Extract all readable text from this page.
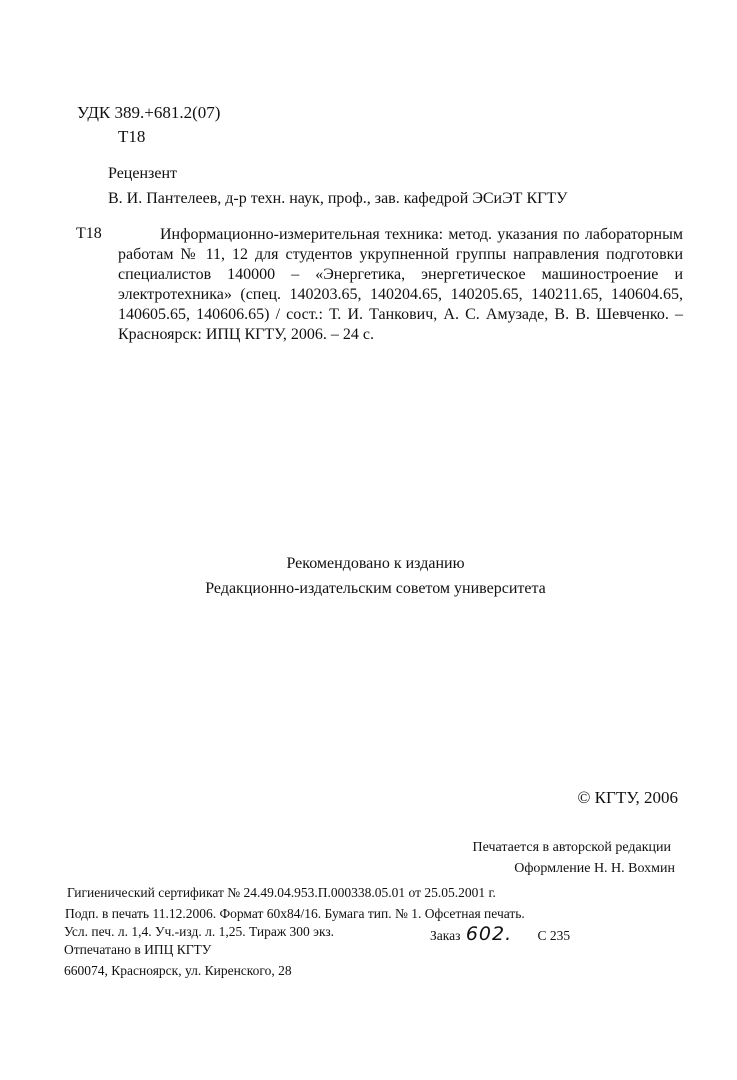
УДК 389.+681.2(07)
Т18
Рецензент
В. И. Пантелеев, д-р техн. наук, проф., зав. кафедрой ЭСиЭТ КГТУ
Т18	Информационно-измерительная техника: метод. указания по лабораторным работам № 11, 12 для студентов укрупненной группы направления подготовки специалистов 140000 – «Энергетика, энергетическое машиностроение и электротехника» (спец. 140203.65, 140204.65, 140205.65, 140211.65, 140604.65, 140605.65, 140606.65) / сост.: Т. И. Танкович, А. С. Амузаде, В. В. Шевченко. – Красноярск: ИПЦ КГТУ, 2006. – 24 с.

Рекомендовано к изданию
Редакционно-издательским советом университета
© КГТУ, 2006
Печатается в авторской редакции
Оформление Н. Н. Вохмин
Гигиенический сертификат № 24.49.04.953.П.000338.05.01 от 25.05.2001 г.
Подп. в печать 11.12.2006. Формат 60x84/16. Бумага тип. № 1. Офсетная печать.
Усл. печ. л. 1,4. Уч.-изд. л. 1,25. Тираж 300 экз.	Заказ 602. С 235
Отпечатано в ИПЦ КГТУ
660074, Красноярск, ул. Киренского, 28
